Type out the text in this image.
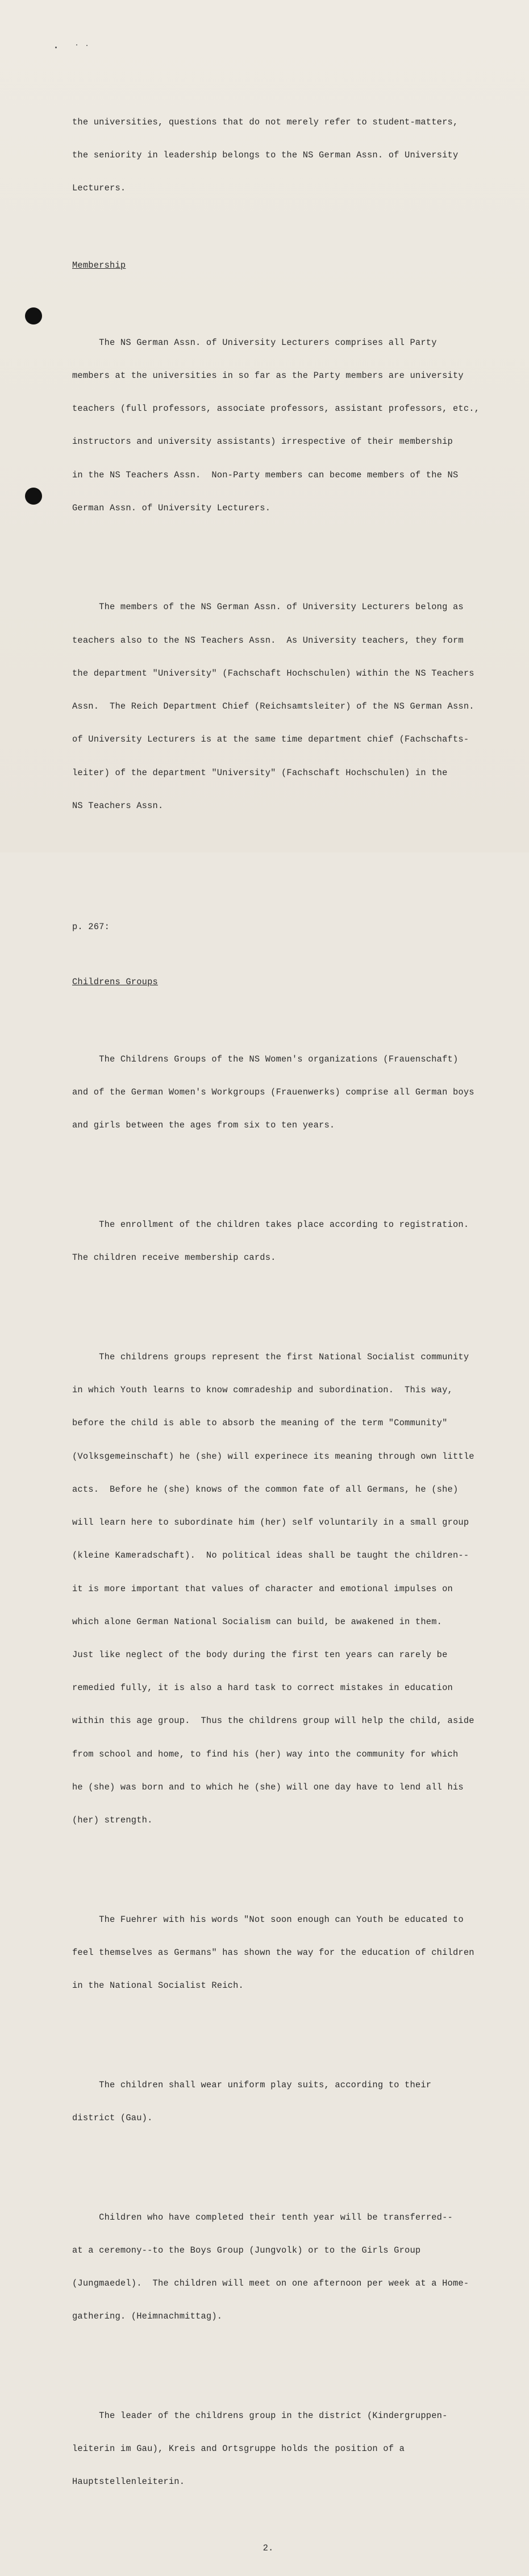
the universities, questions that do not merely refer to student-matters,

the seniority in leadership belongs to the NS German Assn. of University

Lecturers.

Membership

The NS German Assn. of University Lecturers comprises all Party

members at the universities in so far as the Party members are university

teachers (full professors, associate professors, assistant professors, etc.,

instructors and university assistants) irrespective of their membership

in the NS Teachers Assn.  Non-Party members can become members of the NS

German Assn. of University Lecturers.

The members of the NS German Assn. of University Lecturers belong as

teachers also to the NS Teachers Assn.  As University teachers, they form

the department "University" (Fachschaft Hochschulen) within the NS Teachers

Assn.  The Reich Department Chief (Reichsamtsleiter) of the NS German Assn.

of University Lecturers is at the same time department chief (Fachschafts-

leiter) of the department "University" (Fachschaft Hochschulen) in the

NS Teachers Assn.

p. 267:

Childrens Groups

The Childrens Groups of the NS Women's organizations (Frauenschaft)

and of the German Women's Workgroups (Frauenwerks) comprise all German boys

and girls between the ages from six to ten years.

The enrollment of the children takes place according to registration.

The children receive membership cards.

The childrens groups represent the first National Socialist community

in which Youth learns to know comradeship and subordination.  This way,

before the child is able to absorb the meaning of the term "Community"

(Volksgemeinschaft) he (she) will experinece its meaning through own little

acts.  Before he (she) knows of the common fate of all Germans, he (she)

will learn here to subordinate him (her) self voluntarily in a small group

(kleine Kameradschaft).  No political ideas shall be taught the children--

it is more important that values of character and emotional impulses on

which alone German National Socialism can build, be awakened in them.

Just like neglect of the body during the first ten years can rarely be

remedied fully, it is also a hard task to correct mistakes in education

within this age group.  Thus the childrens group will help the child, aside

from school and home, to find his (her) way into the community for which

he (she) was born and to which he (she) will one day have to lend all his

(her) strength.

The Fuehrer with his words "Not soon enough can Youth be educated to

feel themselves as Germans" has shown the way for the education of children

in the National Socialist Reich.

The children shall wear uniform play suits, according to their

district (Gau).

Children who have completed their tenth year will be transferred--

at a ceremony--to the Boys Group (Jungvolk) or to the Girls Group

(Jungmaedel).  The children will meet on one afternoon per week at a Home-

gathering. (Heimnachmittag).

The leader of the childrens group in the district (Kindergruppen-

leiterin im Gau), Kreis and Ortsgruppe holds the position of a

Hauptstellenleiterin.

2.
